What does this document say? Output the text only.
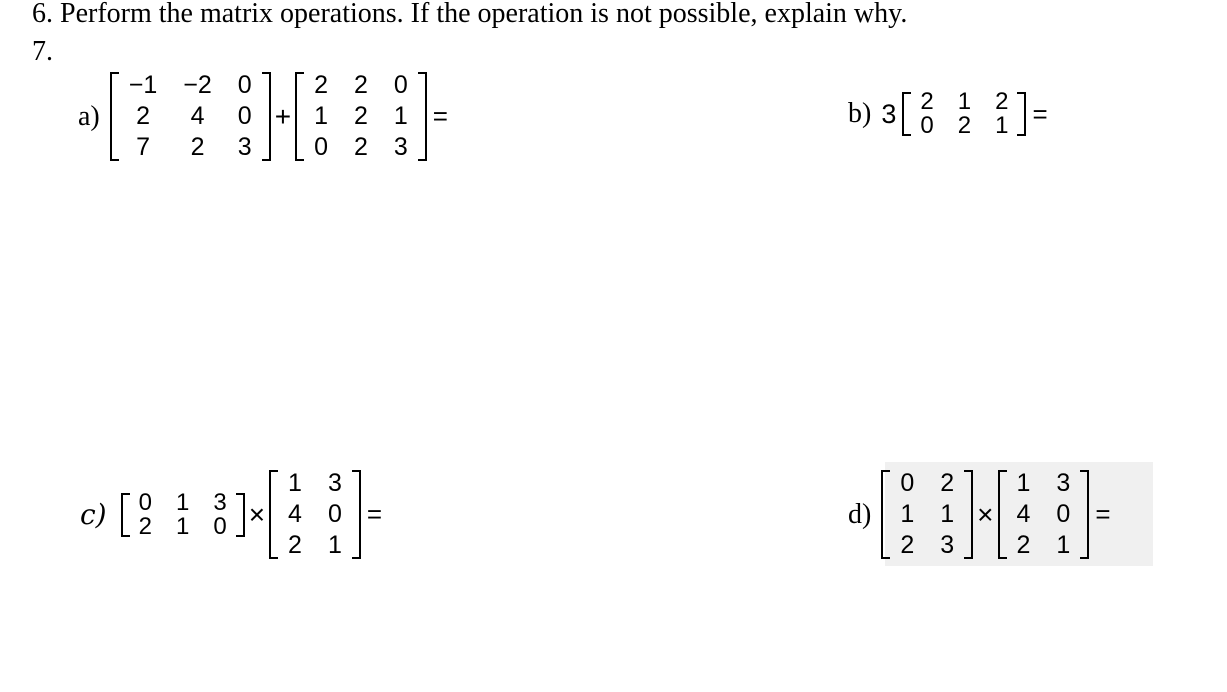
6. Perform the matrix operations. If the operation is not possible, explain why.
7.
a)
−1	−2	0
2	4	0
7	2	3
+
2	2	0
1	2	1
0	2	3
=	b) 3	2	1	2
0	2	1 =
c)	0	1	3
2	1	0 ×
1	3
4	0
2	1
=	d)
0	2
1	1
2	3
×
1	3
4	0
2	1
=
